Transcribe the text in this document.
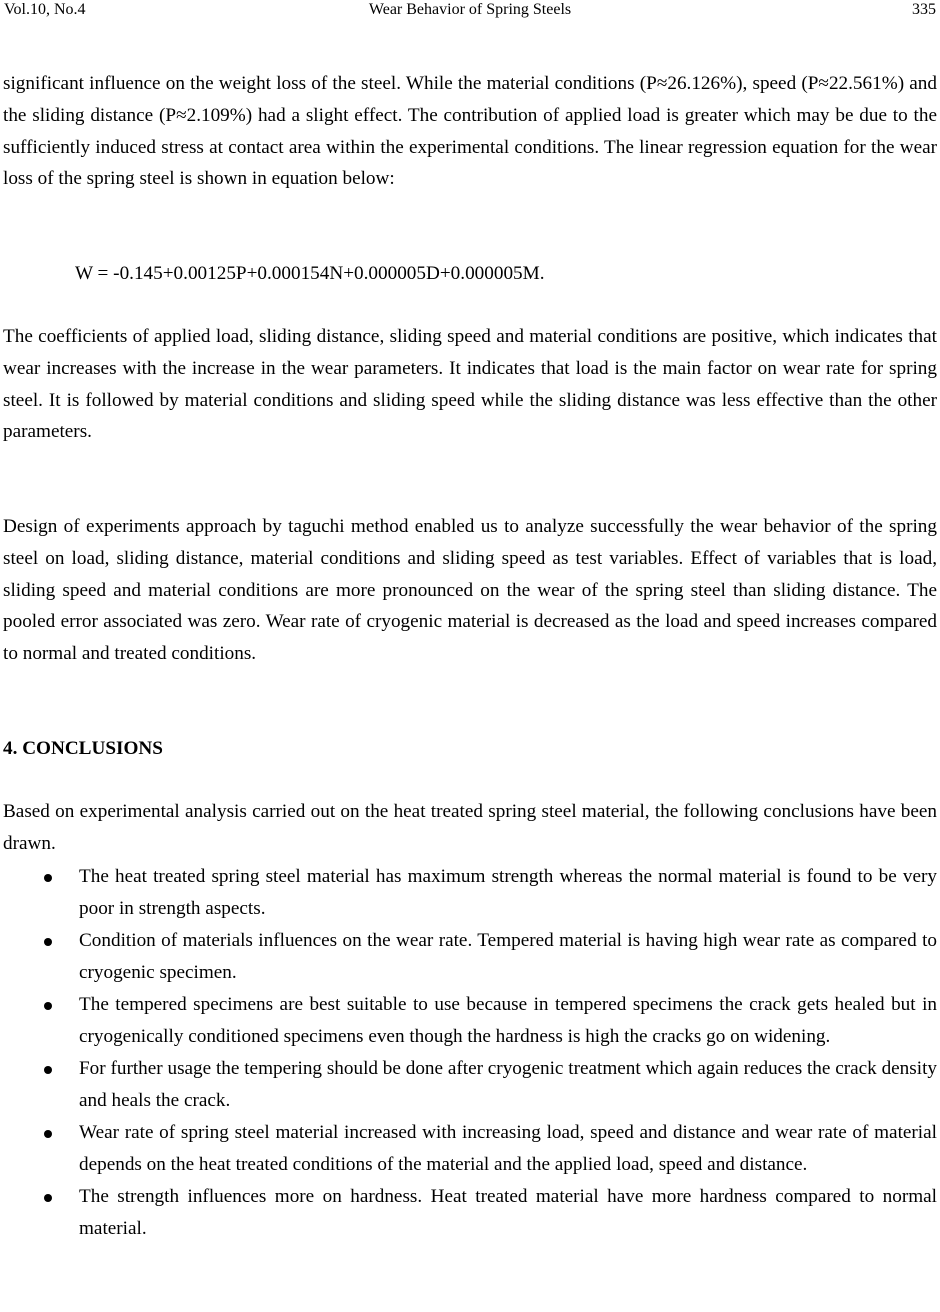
Vol.10, No.4	Wear Behavior of Spring Steels	335

significant influence on the weight loss of the steel. While the material conditions (P≈26.126%), speed (P≈22.561%) and the sliding distance (P≈2.109%) had a slight effect. The contribution of applied load is greater which may be due to the sufficiently induced stress at contact area within the experimental conditions. The linear regression equation for the wear loss of the spring steel is shown in equation below:

W = -0.145+0.00125P+0.000154N+0.000005D+0.000005M.

The coefficients of applied load, sliding distance, sliding speed and material conditions are positive, which indicates that wear increases with the increase in the wear parameters. It indicates that load is the main factor on wear rate for spring steel. It is followed by material conditions and sliding speed while the sliding distance was less effective than the other parameters.

Design of experiments approach by taguchi method enabled us to analyze successfully the wear behavior of the spring steel on load, sliding distance, material conditions and sliding speed as test variables. Effect of variables that is load, sliding speed and material conditions are more pronounced on the wear of the spring steel than sliding distance. The pooled error associated was zero. Wear rate of cryogenic material is decreased as the load and speed increases compared to normal and treated conditions.

4. CONCLUSIONS

Based on experimental analysis carried out on the heat treated spring steel material, the following conclusions have been drawn.

The heat treated spring steel material has maximum strength whereas the normal material is found to be very poor in strength aspects.
Condition of materials influences on the wear rate. Tempered material is having high wear rate as compared to cryogenic specimen.
The tempered specimens are best suitable to use because in tempered specimens the crack gets healed but in cryogenically conditioned specimens even though the hardness is high the cracks go on widening.
For further usage the tempering should be done after cryogenic treatment which again reduces the crack density and heals the crack.
Wear rate of spring steel material increased with increasing load, speed and distance and wear rate of material depends on the heat treated conditions of the material and the applied load, speed and distance.
The strength influences more on hardness. Heat treated material have more hardness compared to normal material.
